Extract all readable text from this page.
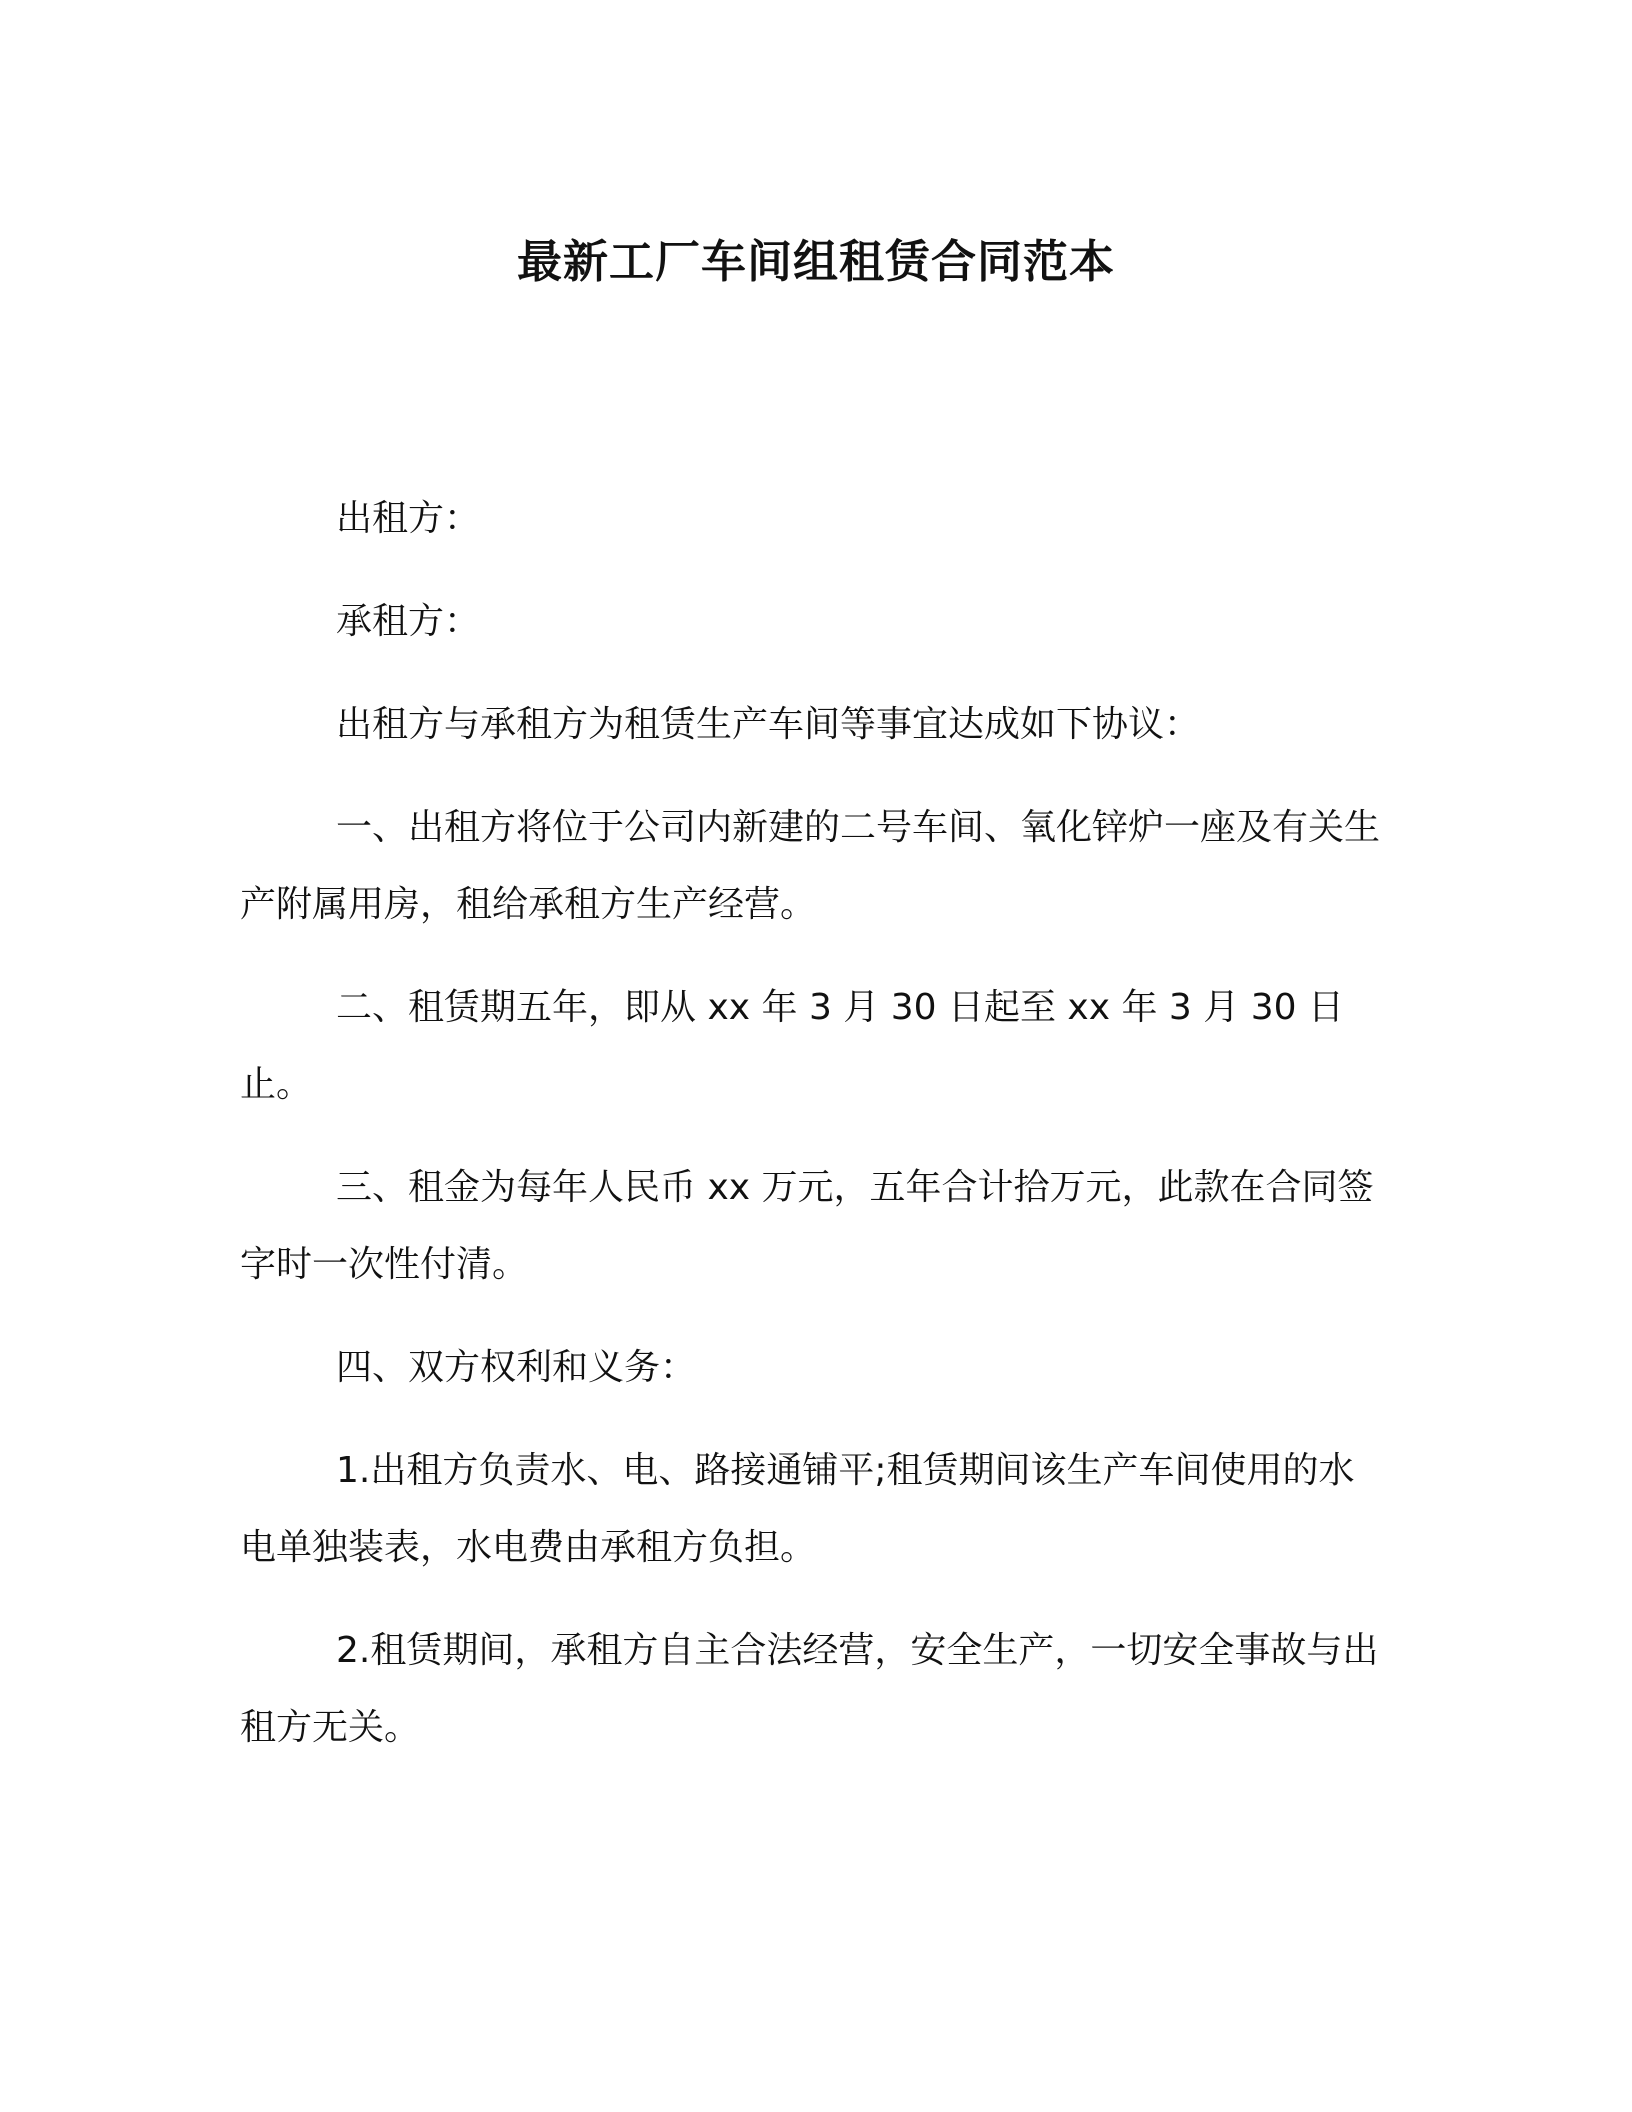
最新工厂车间组租赁合同范本

出租方：

承租方：

出租方与承租方为租赁生产车间等事宜达成如下协议：

一、出租方将位于公司内新建的二号车间、氧化锌炉一座及有关生产附属用房，租给承租方生产经营。

二、租赁期五年，即从 xx 年 3 月 30 日起至 xx 年 3 月 30 日止。

三、租金为每年人民币 xx 万元，五年合计拾万元，此款在合同签字时一次性付清。

四、双方权利和义务：

1.出租方负责水、电、路接通铺平;租赁期间该生产车间使用的水电单独装表，水电费由承租方负担。

2.租赁期间，承租方自主合法经营，安全生产，一切安全事故与出租方无关。
